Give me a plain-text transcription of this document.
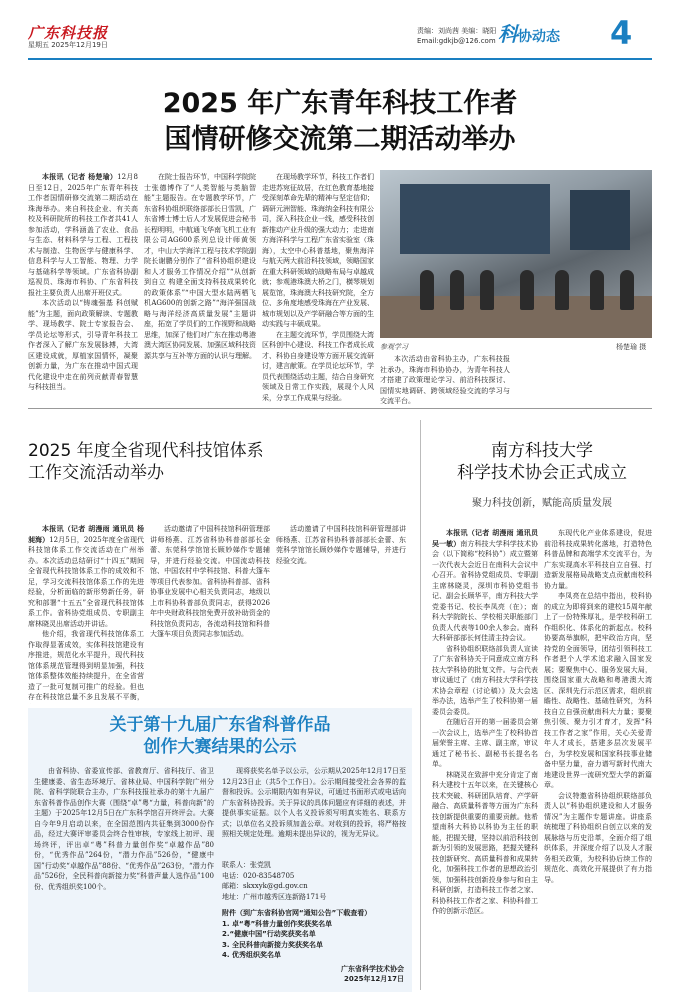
广东科技报
星期五 2025年12月19日
责编：刘尚茜 美编：晓阳
Email:gdkjb@126.com 科协动态 4
2025 年广东青年科技工作者
国情研修交流第二期活动举办

本报讯（记者 杨楚瑜）12月8日至12日，2025年广东青年科技工作者国情研修交流第二期活动在珠海举办。来自科技企业、有关高校及科研院所的科技工作者共41人参加活动，学科涵盖了农业、食品与生态、材料科学与工程、工程技术与制造、生物医学与健康科学、信息科学与人工智能、物理、力学与基础科学等领域。广东省科协副巡视员、珠海市科协、广东省科技报社主要负责人出席开班仪式。

本次活动以“铸魂强基 科创赋能”为主题，面向政策解读、专题教学、现场教学、院士专家报告会、学员论坛等形式，引导青年科技工作者深入了解广东发展脉搏，大湾区建设成就，厚植家国情怀，凝聚创新力量，为广东在推动中国式现代化建设中走在前列贡献青春智慧与科技担当。

在院士报告环节，中国科学院院士张德博作了“人类智能与类脑智能”主题报告。在专题教学环节，广东省科协组织联络部部长日雪凯，广东省博士博士后人才发展促进会秘书长程明明，中航通飞华南飞机工业有限公司AG600系列总设计师黄领才，中山大学海洋工程与技术学院副院长谢鹏分别作了“省科协组织建设和人才服务工作情况介绍”“从创新到自立 构建全面支持科技成果转化的政策体系”“中国大型水陆两栖飞机AG600的创新之路”“海洋强国战略与海洋经济高质量发展”主题讲座，拓宽了学员们的工作视野和战略思维，加深了他们对广东在推动粤港澳大湾区协同发展、加强区域科技资源共享与互补等方面的认识与理解。

在现场教学环节，科技工作者们走进苏宛征故居，在红色教育基地接受深刻革命先辈的精神与坚定信仰；调研元洲智能、珠海纳金科技有限公司，深入科技企业一线，感受科技创新推动产业升级的强大动力；走进南方海洋科学与工程广东省实验室（珠海），太空中心科普基地，聚焦海洋与航天两大前沿科技领域，领略国家在重大科研领域的战略布局与卓越成就；参观港珠澳大桥之门，横琴规划展览馆，珠海澳大科技研究院，全方位、多角度地感受珠海在产业发展、城市规划以及产学研融合等方面的生动实践与丰硕成果。

在主题交流环节，学员围绕大湾区科创中心建设、科技工作者成长成才、科协自身建设等方面开展交流研讨，建言献策。在学员论坛环节，学员代表围绕活动主题，结合自身研究领域及日常工作实践，展现个人风采，分享工作成果与经验。

参观学习	杨楚瑜 摄

本次活动由省科协主办，广东科技报社承办，珠海市科协协办，为青年科技人才搭建了政策理论学习、前沿科技探讨、国情实地调研、跨领域经验交流的学习与交流平台。

2025 年度全省现代科技馆体系
工作交流活动举办

本报讯（记者 胡漫雨 通讯员 杨昶海）12月5日，2025年度全省现代科技馆体系工作交流活动在广州举办。本次活动总结研讨“十四五”期间全省现代科技馆体系工作的成效和不足，学习交流科技馆体系工作的先进经验，分析面临的新形势新任务，研究和部署“十五五”全省现代科技馆体系工作。省科协党组成员、专职副主席林晓灵出席活动并讲话。

他介绍，我省现代科技馆体系工作取得显著成效，实体科技馆建设有序推进，规范化水平提升，现代科技馆体系规范管理得到明显加强，科技馆体系整体效能持续提升，在全省营造了一批可复制可推广的经验。但也存在科技馆总量不多且发展不平衡，

活动邀请了中国科技馆科研管理部讲师杨燕、江苏省科协科普部部长金蕾、东莞科学馆馆长顾妙娣作专题辅导，并进行经验交流。中国流动科技馆、中国农村中学科技馆、科普大篷车等项目代表参加。省科协科普部、省科协事业发展中心相关负责同志，地级以上市科协科普部负责同志，获得2026年中央财政科技馆免费开放补助资金的科技馆负责同志，各流动科技馆和科普大篷车项目负责同志参加活动。

活动邀请了中国科技馆科研管理部讲师杨燕、江苏省科协科普部部长金蕾、东莞科学馆馆长顾妙娣作专题辅导，并进行经验交流。

关于第十九届广东省科普作品
创作大赛结果的公示

由省科协、省委宣传部、省教育厅、省科技厅、省卫生健康委、省生态环境厅、省林业局、中国科学院广州分院、省科学院联合主办，广东科技报社承办的第十九届广东省科普作品创作大赛（围绕“卓”粤“力量，科普向新”的主题）于2025年12月5日在广东科学馆召开终评会。大赛自今年9月启动以来，在全国范围内共征集到3000份作品，经过大赛评审委员会终合性审核，专家线上初评、现场终评，评出卓“粤”科普力量创作奖“卓越作品”80份，“优秀作品”264份，“潜力作品”526份，“健康中国”行动奖“卓越作品”88份、“优秀作品”263份，“潜力作品”526份，全民科普向新接力奖“科普声量人选作品”100份、优秀组织奖100个。

现将获奖名单予以公示，公示期从2025年12月17日至12月23日止（共5个工作日）。公示期间接受社会各界的监督和投诉。公示期限内如有异议，可通过书面形式或电话向广东省科协投诉。关于异议的具体问题应有详细的表述，并提供事实证据。以个人名义投诉须写明真实姓名、联系方式；以单位名义投诉须加盖公章。对收到的投诉，将严格按照相关规定处理。逾期未提出异议的，视为无异议。

联系人：张党凯
电话：020-83548705
邮箱：skxxyk@gd.gov.cn
地址：广州市越秀区连新路171号
附件（到广东省科协官网“通知公告”下载查看）
1. 卓“粤”科普力量创作奖获奖名单
2.“健康中国”行动奖获奖名单
3. 全民科普向新接力奖获奖名单
4. 优秀组织奖名单
广东省科学技术协会
2025年12月17日
南方科技大学
科学技术协会正式成立
聚力科技创新，赋能高质量发展

本报讯（记者 胡漫雨 通讯员 吴一敏）南方科技大学科学技术协会（以下简称“校科协”）成立暨第一次代表大会近日在南科大会议中心召开。省科协党组成员、专职副主席林晓灵，深圳市科协党组书记、副会长顾华平，南方科技大学党委书记、校长李凤亮（在）；南科大学院院长、学校相关职能部门负责人代表等100余人参会。南科大科研部部长何佳清主持会议。

省科协组织联络部负责人宣读了广东省科协关于同意成立南方科技大学科协的批复文件。与会代表审议通过了《南方科技大学科学技术协会章程（讨论稿）》及大会选举办法，选举产生了校科协第一届委员会委员。

在随后召开的第一届委员会第一次会议上，选举产生了校科协首届荣誉主席、主席、副主席，审议通过了秘书长、副秘书长提名名单。

林晓灵在致辞中充分肯定了南科大建校十五年以来，在关键核心技术突破、科研团队培育、产学研融合、高质量科普等方面为广东科技创新提供重要的重要贡献。他希望南科大科协以科协为主任的职能，把握关键，坚持以前沿科技创新为引领的发展思路，把握关键科技创新研究、高质量科普和成果转化，加强科技工作者的思想政治引领，加强科技创新投身参与和自主科研创新，打造科技工作者之家、科协科技工作者之家、科协科普工作的创新示范区。

东现代化产业体系建设，促进前沿科技成果转化落地，打造特色科普品牌和高端学术交流平台，为广东实现高水平科技自立自强、打造新发展格局战略支点贡献南校科协力量。

李凤亮在总结中指出，校科协的成立为即将到来的建校15周年献上了一份特殊厚礼，是学校科研工作组织化、体系化的新起点。校科协要高举旗帜，把牢政治方向，坚持党的全面领导，团结引领科技工作者把个人学术追求融入国家发展；要聚焦中心、服务发展大局，围绕国家重大战略和粤港澳大湾区、深圳先行示范区需求，组织前瞻性、战略性、基础性研究，为科技自立自强贡献南科大力量；要聚焦引领、聚力引才育才，发挥“科技工作者之家”作用，关心关爱青年人才成长，搭建多层次发展平台，为学校发展和国家科技事业储备中坚力量，奋力谱写新时代南大地建设世界一流研究型大学的新篇章。

会议特邀省科协组织联络部负责人以“科协组织建设和人才服务情况”为主题作专题讲座。讲座系统梳理了科协组织自创立以来的发展脉络与历史沿革，全面介绍了组织体系，并深度介绍了以及人才服务相关政策，为校科协后续工作的规范化、高效化开展提供了有力指导。
